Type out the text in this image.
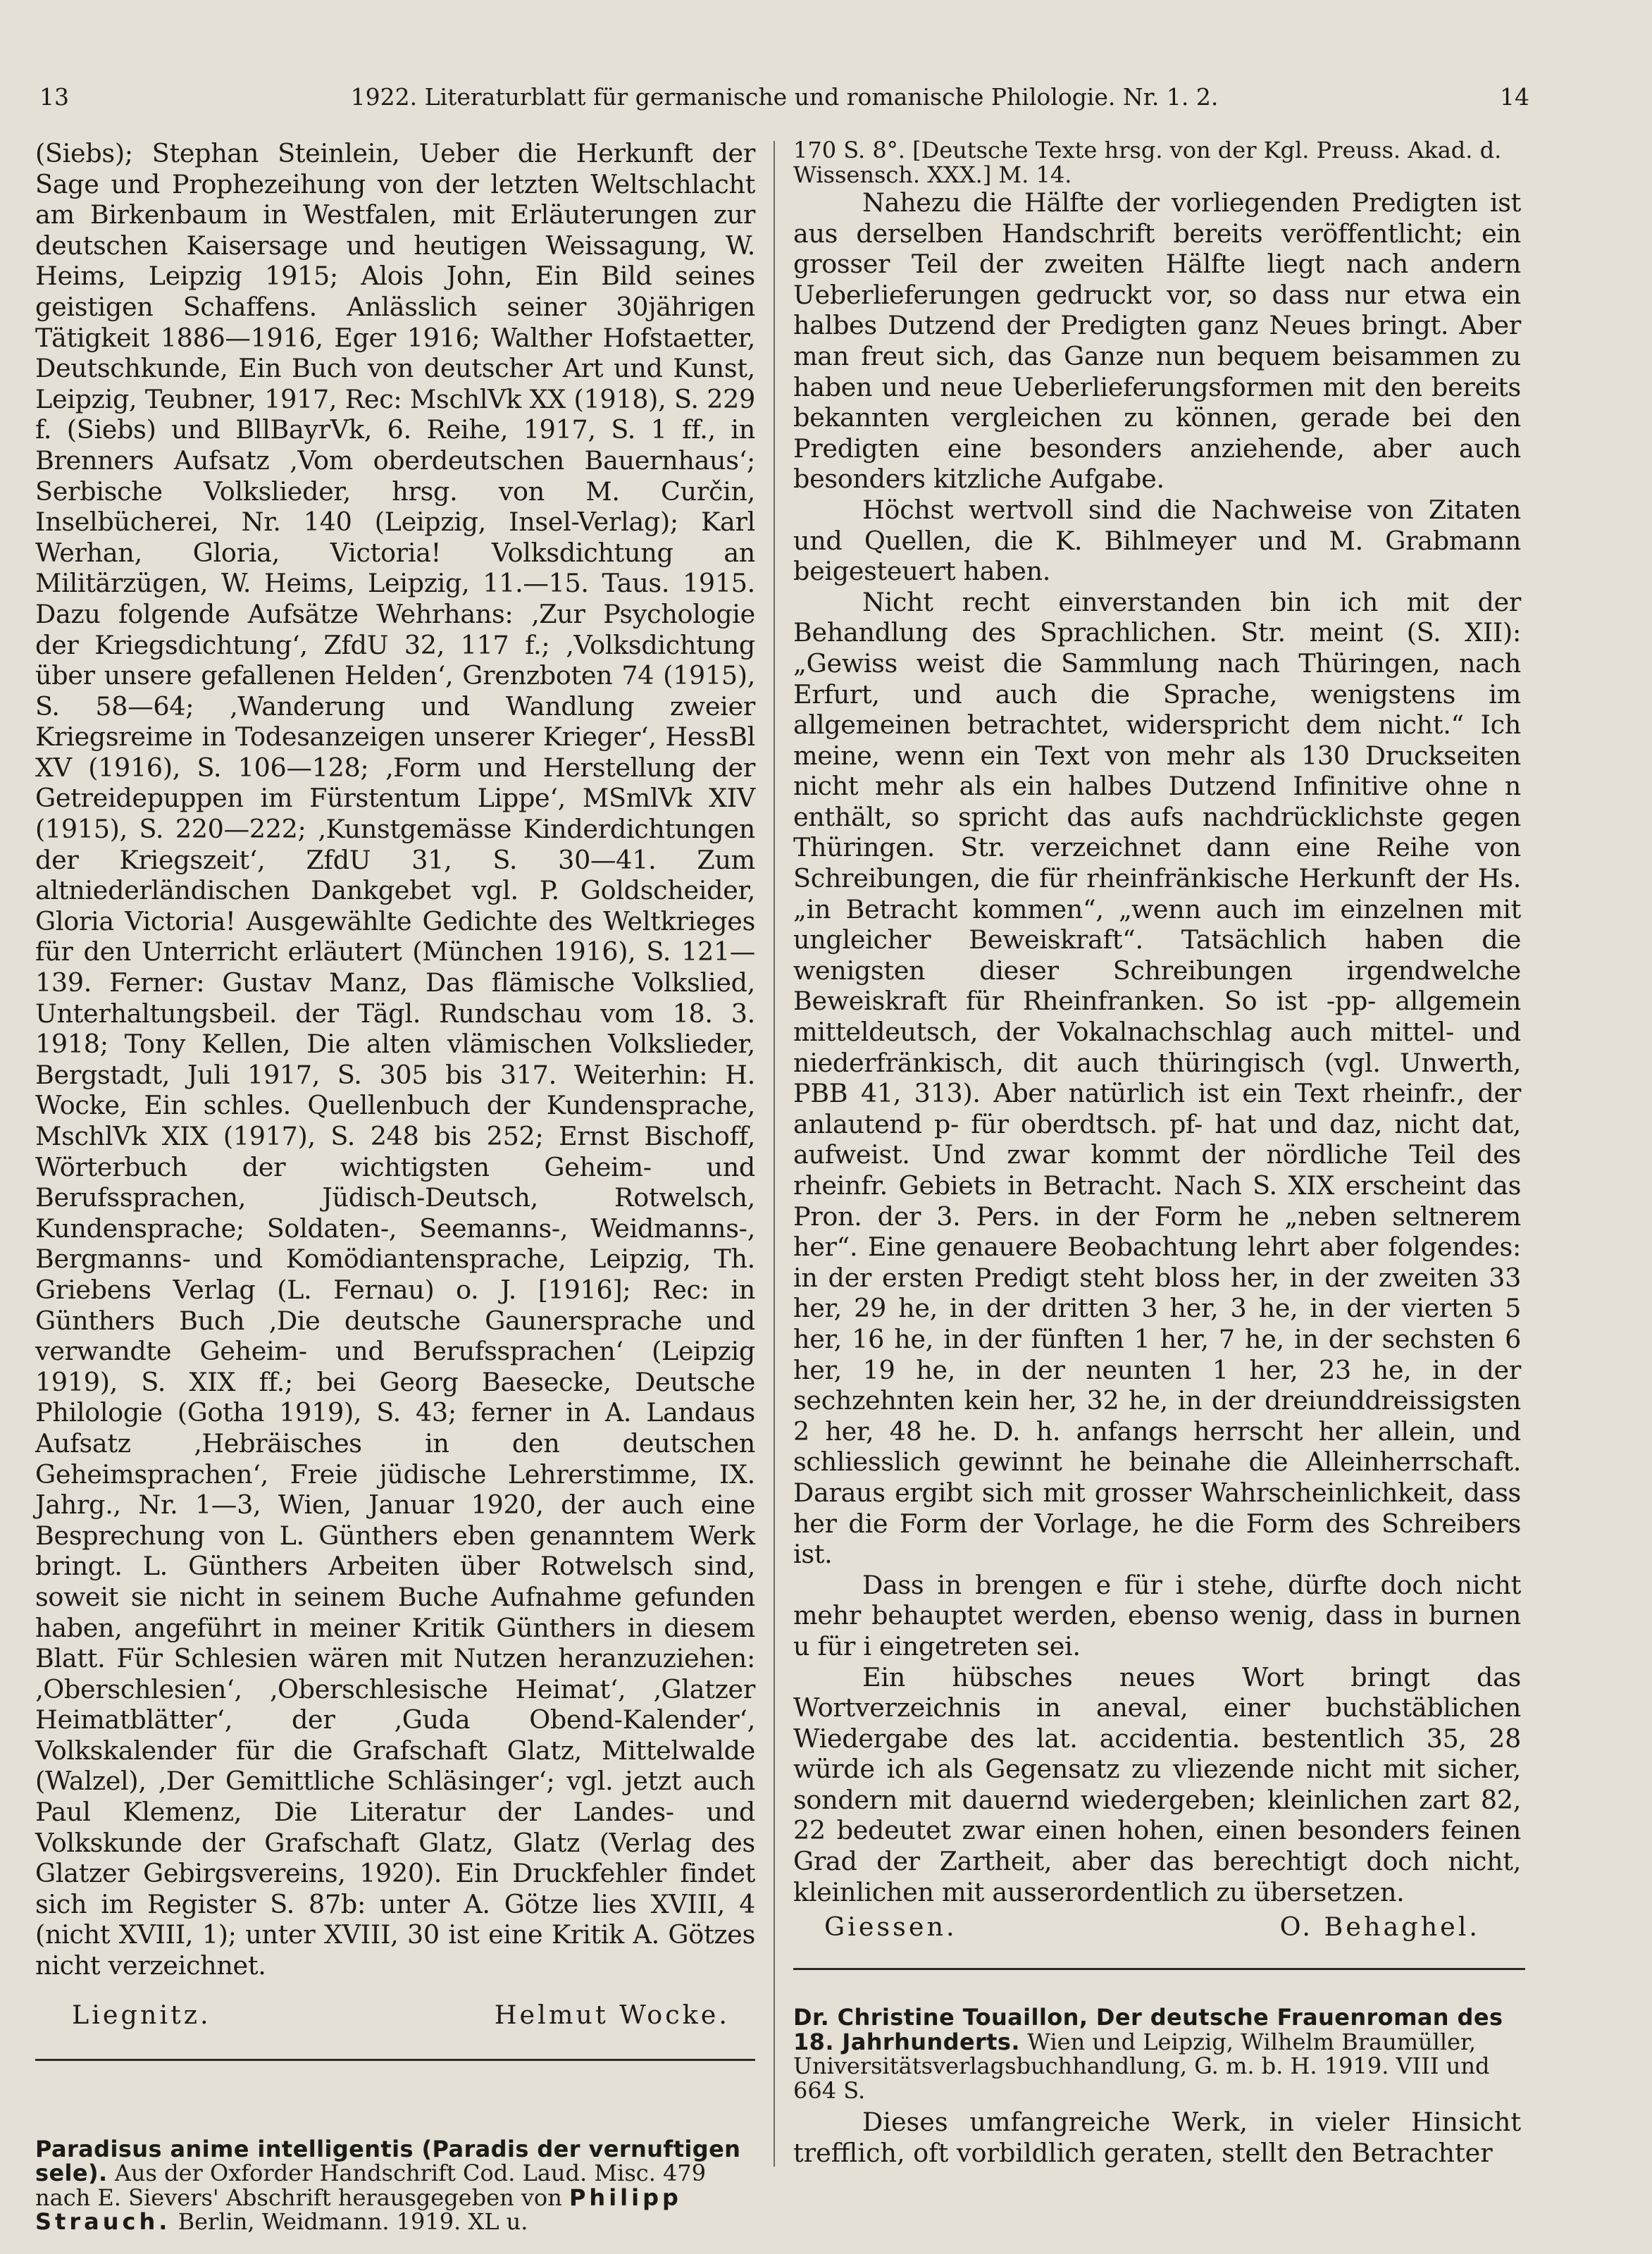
13	1922. Literaturblatt für germanische und romanische Philologie. Nr. 1. 2.	14

(Siebs); Stephan Steinlein, Ueber die Herkunft der Sage und Prophezeihung von der letzten Weltschlacht am Birkenbaum in Westfalen, mit Erläuterungen zur deutschen Kaisersage und heutigen Weissagung, W. Heims, Leipzig 1915; Alois John, Ein Bild seines geistigen Schaffens. Anlässlich seiner 30jährigen Tätigkeit 1886—1916, Eger 1916; Walther Hofstaetter, Deutschkunde, Ein Buch von deutscher Art und Kunst, Leipzig, Teubner, 1917, Rec: MschlVk XX (1918), S. 229 f. (Siebs) und BllBayrVk, 6. Reihe, 1917, S. 1 ff., in Brenners Aufsatz ‚Vom oberdeutschen Bauernhaus‘; Serbische Volkslieder, hrsg. von M. Curčin, Inselbücherei, Nr. 140 (Leipzig, Insel-Verlag); Karl Werhan, Gloria, Victoria! Volksdichtung an Militärzügen, W. Heims, Leipzig, 11.—15. Taus. 1915. Dazu folgende Aufsätze Wehrhans: ‚Zur Psychologie der Kriegsdichtung‘, ZfdU 32, 117 f.; ‚Volksdichtung über unsere gefallenen Helden‘, Grenzboten 74 (1915), S. 58—64; ‚Wanderung und Wandlung zweier Kriegsreime in Todesanzeigen unserer Krieger‘, HessBl XV (1916), S. 106—128; ‚Form und Herstellung der Getreidepuppen im Fürstentum Lippe‘, MSmlVk XIV (1915), S. 220—222; ‚Kunstgemässe Kinderdichtungen der Kriegszeit‘, ZfdU 31, S. 30—41. Zum altniederländischen Dankgebet vgl. P. Goldscheider, Gloria Victoria! Ausgewählte Gedichte des Weltkrieges für den Unterricht erläutert (München 1916), S. 121—139. Ferner: Gustav Manz, Das flämische Volkslied, Unterhaltungsbeil. der Tägl. Rundschau vom 18. 3. 1918; Tony Kellen, Die alten vlämischen Volkslieder, Bergstadt, Juli 1917, S. 305 bis 317. Weiterhin: H. Wocke, Ein schles. Quellenbuch der Kundensprache, MschlVk XIX (1917), S. 248 bis 252; Ernst Bischoff, Wörterbuch der wichtigsten Geheim- und Berufssprachen, Jüdisch-Deutsch, Rotwelsch, Kundensprache; Soldaten-, Seemanns-, Weidmanns-, Bergmanns- und Komödiantensprache, Leipzig, Th. Griebens Verlag (L. Fernau) o. J. [1916]; Rec: in Günthers Buch ‚Die deutsche Gaunersprache und verwandte Geheim- und Berufssprachen‘ (Leipzig 1919), S. XIX ff.; bei Georg Baesecke, Deutsche Philologie (Gotha 1919), S. 43; ferner in A. Landaus Aufsatz ‚Hebräisches in den deutschen Geheimsprachen‘, Freie jüdische Lehrerstimme, IX. Jahrg., Nr. 1—3, Wien, Januar 1920, der auch eine Besprechung von L. Günthers eben genanntem Werk bringt. L. Günthers Arbeiten über Rotwelsch sind, soweit sie nicht in seinem Buche Aufnahme gefunden haben, angeführt in meiner Kritik Günthers in diesem Blatt. Für Schlesien wären mit Nutzen heranzuziehen: ‚Oberschlesien‘, ‚Oberschlesische Heimat‘, ‚Glatzer Heimatblätter‘, der ‚Guda Obend-Kalender‘, Volkskalender für die Grafschaft Glatz, Mittelwalde (Walzel), ‚Der Gemittliche Schläsinger‘; vgl. jetzt auch Paul Klemenz, Die Literatur der Landes- und Volkskunde der Grafschaft Glatz, Glatz (Verlag des Glatzer Gebirgsvereins, 1920). Ein Druckfehler findet sich im Register S. 87b: unter A. Götze lies XVIII, 4 (nicht XVIII, 1); unter XVIII, 30 ist eine Kritik A. Götzes nicht verzeichnet.

Liegnitz.	Helmut Wocke.
Paradisus anime intelligentis (Paradis der vernuftigen sele). Aus der Oxforder Handschrift Cod. Laud. Misc. 479 nach E. Sievers' Abschrift herausgegeben von Philipp Strauch. Berlin, Weidmann. 1919. XL u.
170 S. 8°. [Deutsche Texte hrsg. von der Kgl. Preuss. Akad. d. Wissensch. XXX.] M. 14.

Nahezu die Hälfte der vorliegenden Predigten ist aus derselben Handschrift bereits veröffentlicht; ein grosser Teil der zweiten Hälfte liegt nach andern Ueberlieferungen gedruckt vor, so dass nur etwa ein halbes Dutzend der Predigten ganz Neues bringt. Aber man freut sich, das Ganze nun bequem beisammen zu haben und neue Ueberlieferungsformen mit den bereits bekannten vergleichen zu können, gerade bei den Predigten eine besonders anziehende, aber auch besonders kitzliche Aufgabe.

Höchst wertvoll sind die Nachweise von Zitaten und Quellen, die K. Bihlmeyer und M. Grabmann beigesteuert haben.

Nicht recht einverstanden bin ich mit der Behandlung des Sprachlichen. Str. meint (S. XII): „Gewiss weist die Sammlung nach Thüringen, nach Erfurt, und auch die Sprache, wenigstens im allgemeinen betrachtet, widerspricht dem nicht.“ Ich meine, wenn ein Text von mehr als 130 Druckseiten nicht mehr als ein halbes Dutzend Infinitive ohne n enthält, so spricht das aufs nachdrücklichste gegen Thüringen. Str. verzeichnet dann eine Reihe von Schreibungen, die für rheinfränkische Herkunft der Hs. „in Betracht kommen“, „wenn auch im einzelnen mit ungleicher Beweiskraft“. Tatsächlich haben die wenigsten dieser Schreibungen irgendwelche Beweiskraft für Rheinfranken. So ist -pp- allgemein mitteldeutsch, der Vokalnachschlag auch mittel- und niederfränkisch, dit auch thüringisch (vgl. Unwerth, PBB 41, 313). Aber natürlich ist ein Text rheinfr., der anlautend p- für oberdtsch. pf- hat und daz, nicht dat, aufweist. Und zwar kommt der nördliche Teil des rheinfr. Gebiets in Betracht. Nach S. XIX erscheint das Pron. der 3. Pers. in der Form he „neben seltnerem her“. Eine genauere Beobachtung lehrt aber folgendes: in der ersten Predigt steht bloss her, in der zweiten 33 her, 29 he, in der dritten 3 her, 3 he, in der vierten 5 her, 16 he, in der fünften 1 her, 7 he, in der sechsten 6 her, 19 he, in der neunten 1 her, 23 he, in der sechzehnten kein her, 32 he, in der dreiunddreissigsten 2 her, 48 he. D. h. anfangs herrscht her allein, und schliesslich gewinnt he beinahe die Alleinherrschaft. Daraus ergibt sich mit grosser Wahrscheinlichkeit, dass her die Form der Vorlage, he die Form des Schreibers ist.

Dass in brengen e für i stehe, dürfte doch nicht mehr behauptet werden, ebenso wenig, dass in burnen u für i eingetreten sei.

Ein hübsches neues Wort bringt das Wortverzeichnis in aneval, einer buchstäblichen Wiedergabe des lat. accidentia. bestentlich 35, 28 würde ich als Gegensatz zu vliezende nicht mit sicher, sondern mit dauernd wiedergeben; kleinlichen zart 82, 22 bedeutet zwar einen hohen, einen besonders feinen Grad der Zartheit, aber das berechtigt doch nicht, kleinlichen mit ausserordentlich zu übersetzen.

Giessen.	O. Behaghel.
Dr. Christine Touaillon, Der deutsche Frauenroman des 18. Jahrhunderts. Wien und Leipzig, Wilhelm Braumüller, Universitätsverlagsbuchhandlung, G. m. b. H. 1919. VIII und 664 S.
Dieses umfangreiche Werk, in vieler Hinsicht trefflich, oft vorbildlich geraten, stellt den Betrachter
